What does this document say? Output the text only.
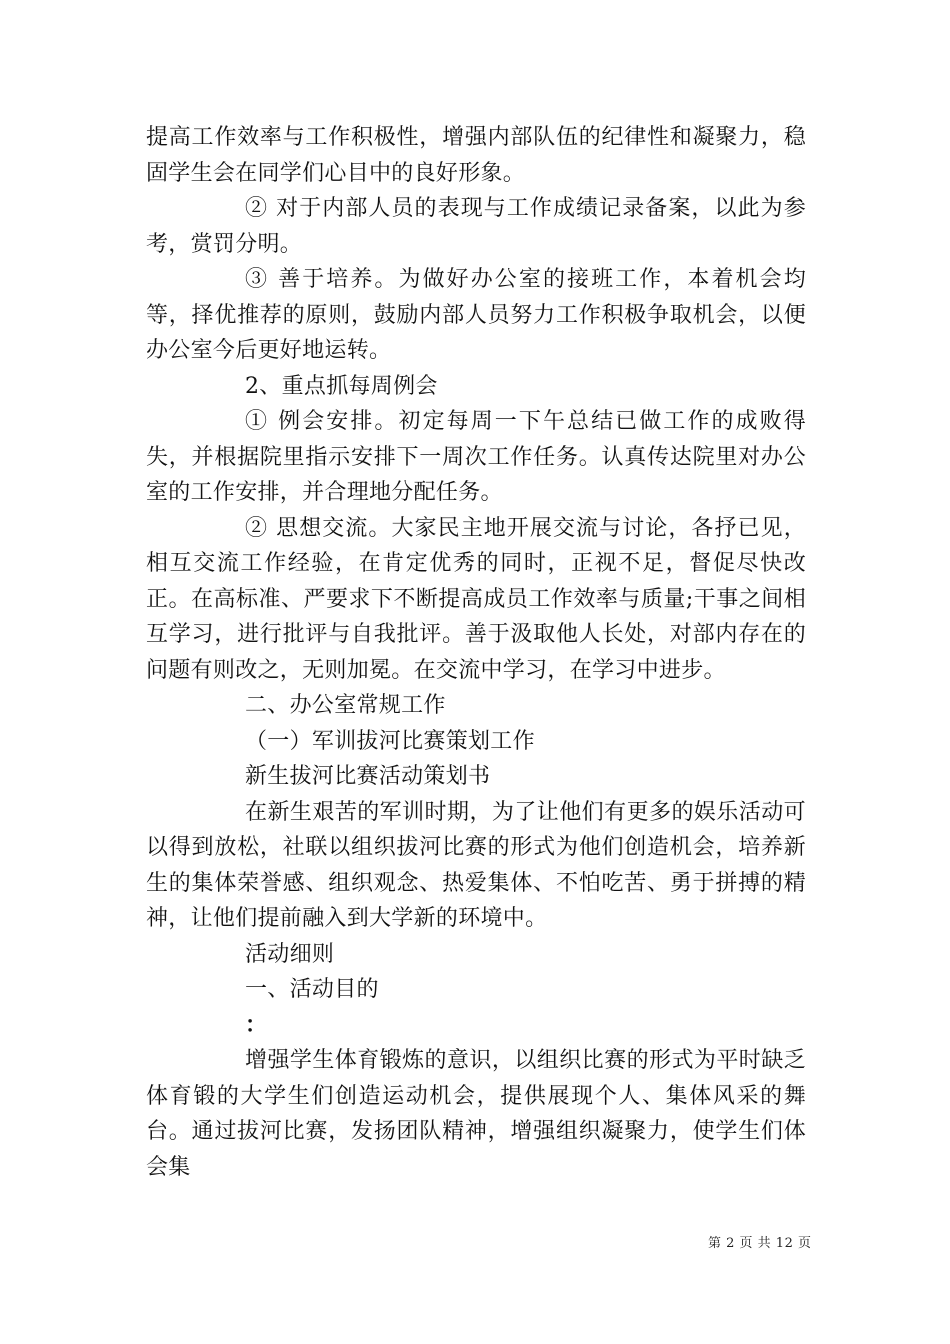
提高工作效率与工作积极性，增强内部队伍的纪律性和凝聚力，稳固学生会在同学们心目中的良好形象。

② 对于内部人员的表现与工作成绩记录备案，以此为参考，赏罚分明。

③ 善于培养。为做好办公室的接班工作，本着机会均等，择优推荐的原则，鼓励内部人员努力工作积极争取机会，以便办公室今后更好地运转。

2、重点抓每周例会

① 例会安排。初定每周一下午总结已做工作的成败得失，并根据院里指示安排下一周次工作任务。认真传达院里对办公室的工作安排，并合理地分配任务。

② 思想交流。大家民主地开展交流与讨论，各抒已见，相互交流工作经验，在肯定优秀的同时，正视不足，督促尽快改正。在高标准、严要求下不断提高成员工作效率与质量;干事之间相互学习，进行批评与自我批评。善于汲取他人长处，对部内存在的问题有则改之，无则加冕。在交流中学习，在学习中进步。

二、办公室常规工作

（一）军训拔河比赛策划工作

新生拔河比赛活动策划书

在新生艰苦的军训时期，为了让他们有更多的娱乐活动可以得到放松，社联以组织拔河比赛的形式为他们创造机会，培养新生的集体荣誉感、组织观念、热爱集体、不怕吃苦、勇于拼搏的精神，让他们提前融入到大学新的环境中。

活动细则

一、活动目的

：

增强学生体育锻炼的意识，以组织比赛的形式为平时缺乏体育锻的大学生们创造运动机会，提供展现个人、集体风采的舞台。通过拔河比赛，发扬团队精神，增强组织凝聚力，使学生们体会集

第 2 页 共 12 页
